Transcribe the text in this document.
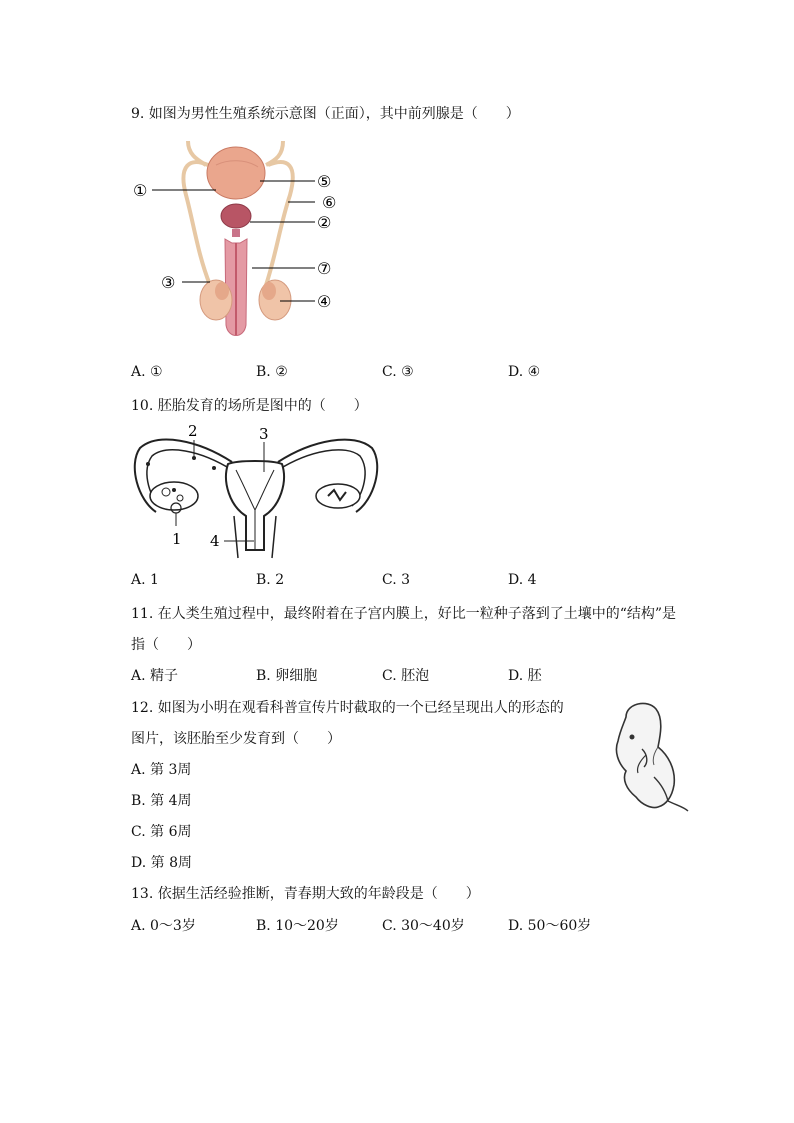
9. 如图为男性生殖系统示意图（正面），其中前列腺是（　　）
①
②
③
④
⑤
⑥
⑦
A. ①	B. ②	C. ③	D. ④
10. 胚胎发育的场所是图中的（　　）
1
2	3
4
A. 1	B. 2	C. 3	D. 4
11. 在人类生殖过程中，最终附着在子宫内膜上，好比一粒种子落到了土壤中的“结构”是
指（　　）
A. 精子	B. 卵细胞	C. 胚泡	D. 胚
12. 如图为小明在观看科普宣传片时截取的一个已经呈现出人的形态的
图片，该胚胎至少发育到（　　）
A. 第 3周
B. 第 4周
C. 第 6周
D. 第 8周
13. 依据生活经验推断，青春期大致的年龄段是（　　）
A. 0～3岁	B. 10～20岁	C. 30～40岁	D. 50～60岁
